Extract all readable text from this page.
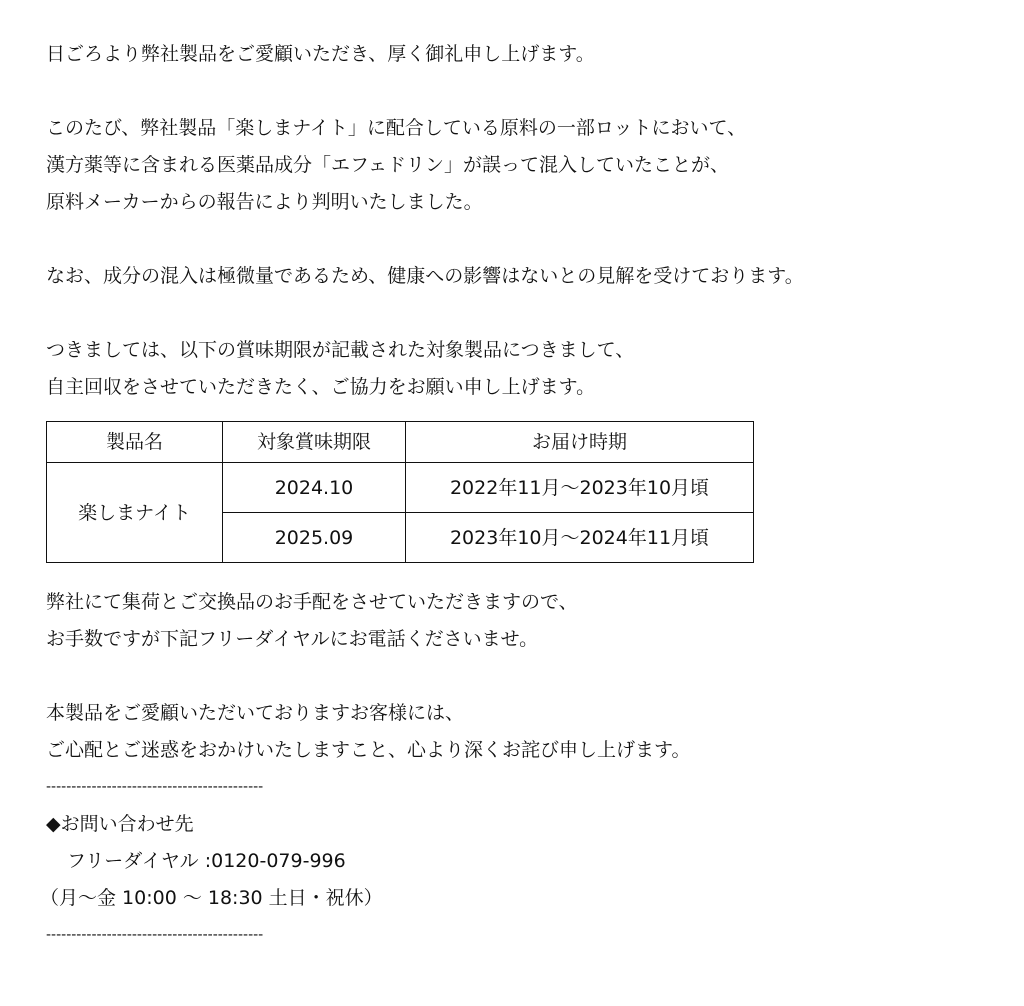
日ごろより弊社製品をご愛顧いただき、厚く御礼申し上げます。

このたび、弊社製品「楽しまナイト」に配合している原料の一部ロットにおいて、

漢方薬等に含まれる医薬品成分「エフェドリン」が誤って混入していたことが、

原料メーカーからの報告により判明いたしました。

なお、成分の混入は極微量であるため、健康への影響はないとの見解を受けております。

つきましては、以下の賞味期限が記載された対象製品につきまして、

自主回収をさせていただきたく、ご協力をお願い申し上げます。

製品名	対象賞味期限	お届け時期
楽しまナイト	2024.10	2022年11月～2023年10月頃
	2025.09	2023年10月～2024年11月頃

弊社にて集荷とご交換品のお手配をさせていただきますので、

お手数ですが下記フリーダイヤルにお電話くださいませ。

本製品をご愛顧いただいておりますお客様には、

ご心配とご迷惑をおかけいたしますこと、心より深くお詫び申し上げます。

-------------------------------------------

◆お問い合わせ先

フリーダイヤル :0120-079-996

（月～金 10:00 ～ 18:30 土日・祝休）

-------------------------------------------
